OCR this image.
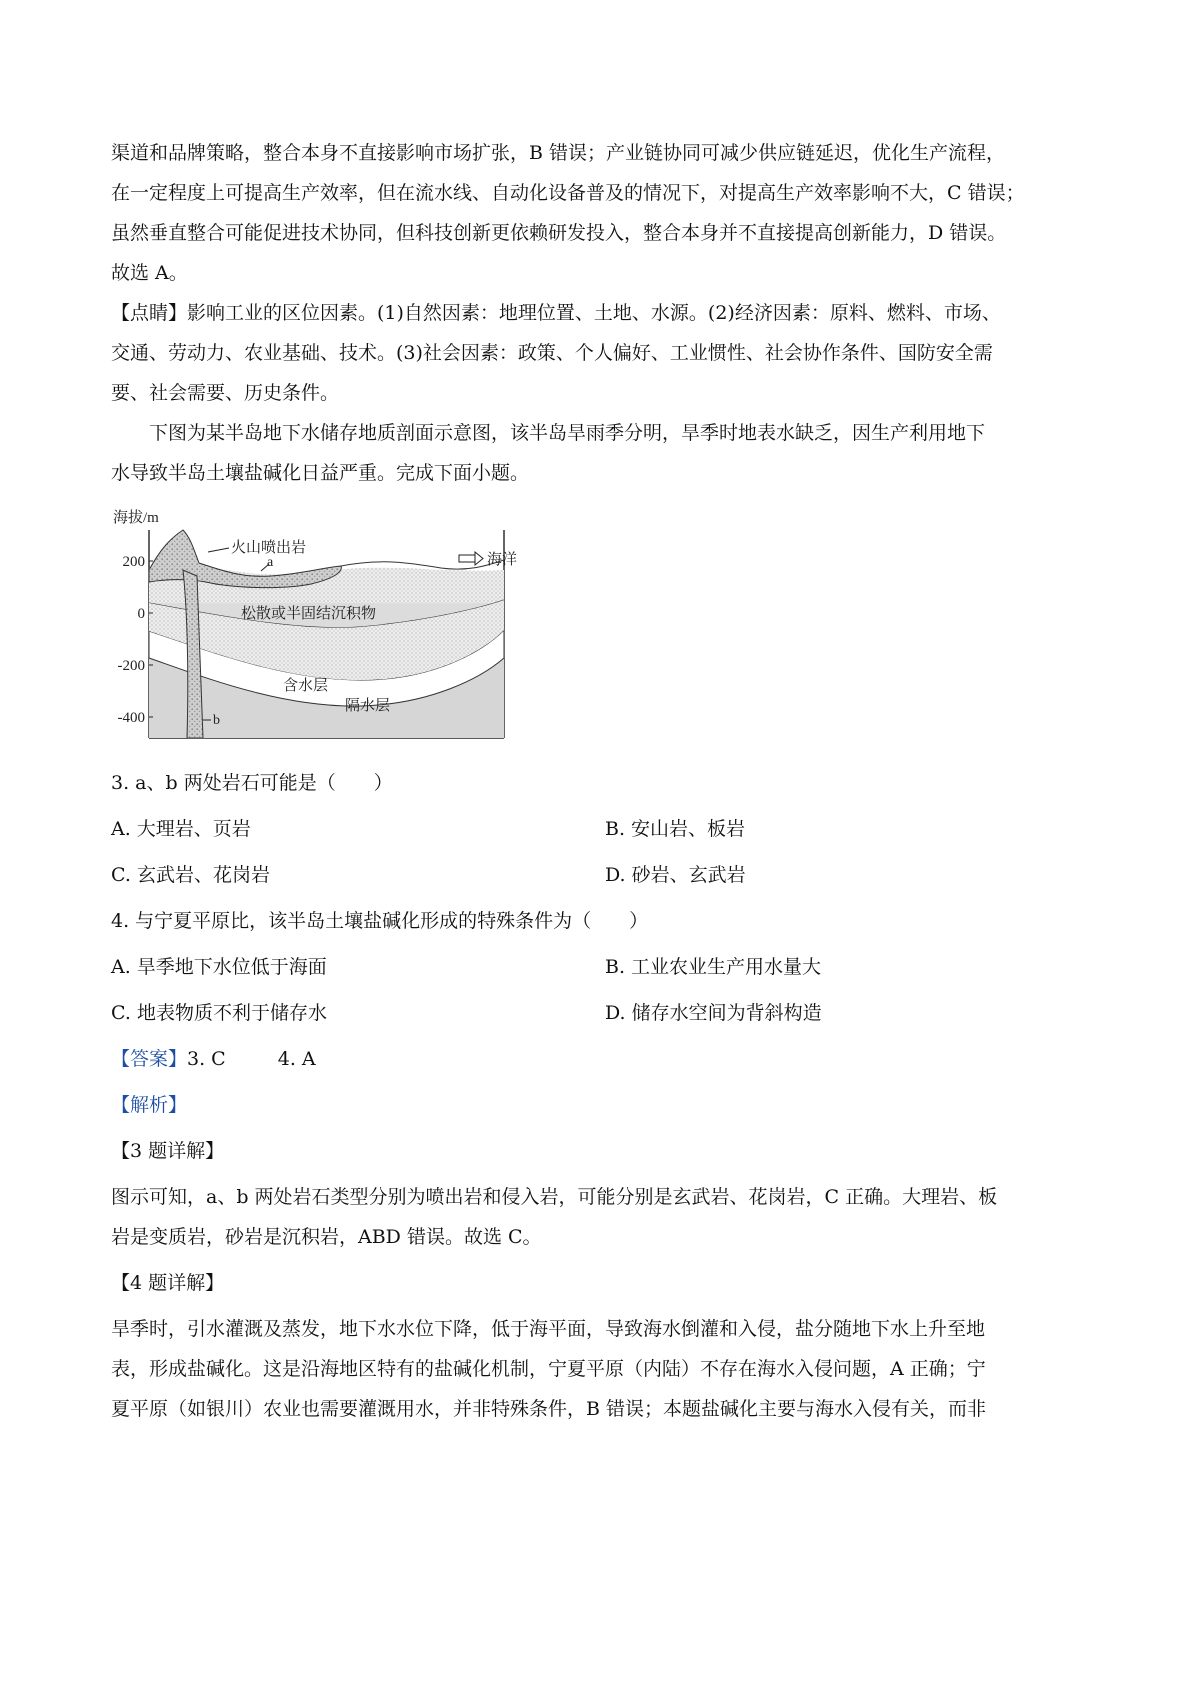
渠道和品牌策略，整合本身不直接影响市场扩张，B 错误；产业链协同可减少供应链延迟，优化生产流程，
在一定程度上可提高生产效率，但在流水线、自动化设备普及的情况下，对提高生产效率影响不大，C 错误；
虽然垂直整合可能促进技术协同，但科技创新更依赖研发投入，整合本身并不直接提高创新能力，D 错误。
故选 A。
【点睛】影响工业的区位因素。(1)自然因素：地理位置、土地、水源。(2)经济因素：原料、燃料、市场、
交通、劳动力、农业基础、技术。(3)社会因素：政策、个人偏好、工业惯性、社会协作条件、国防安全需
要、社会需要、历史条件。
下图为某半岛地下水储存地质剖面示意图，该半岛旱雨季分明，旱季时地表水缺乏，因生产利用地下
水导致半岛土壤盐碱化日益严重。完成下面小题。
海拔/m
200
0
-200
-400
火山喷出岩
a	海洋
松散或半固结沉积物
含水层
隔水层
b
3. a、b 两处岩石可能是（　　）
A. 大理岩、页岩	B. 安山岩、板岩
C. 玄武岩、花岗岩	D. 砂岩、玄武岩
4. 与宁夏平原比，该半岛土壤盐碱化形成的特殊条件为（　　）
A. 旱季地下水位低于海面	B. 工业农业生产用水量大
C. 地表物质不利于储存水	D. 储存水空间为背斜构造
【答案】3. C	4. A
【解析】
【3 题详解】
图示可知，a、b 两处岩石类型分别为喷出岩和侵入岩，可能分别是玄武岩、花岗岩，C 正确。大理岩、板
岩是变质岩，砂岩是沉积岩，ABD 错误。故选 C。
【4 题详解】
旱季时，引水灌溉及蒸发，地下水水位下降，低于海平面，导致海水倒灌和入侵，盐分随地下水上升至地
表，形成盐碱化。这是沿海地区特有的盐碱化机制，宁夏平原（内陆）不存在海水入侵问题，A 正确；宁
夏平原（如银川）农业也需要灌溉用水，并非特殊条件，B 错误；本题盐碱化主要与海水入侵有关，而非
